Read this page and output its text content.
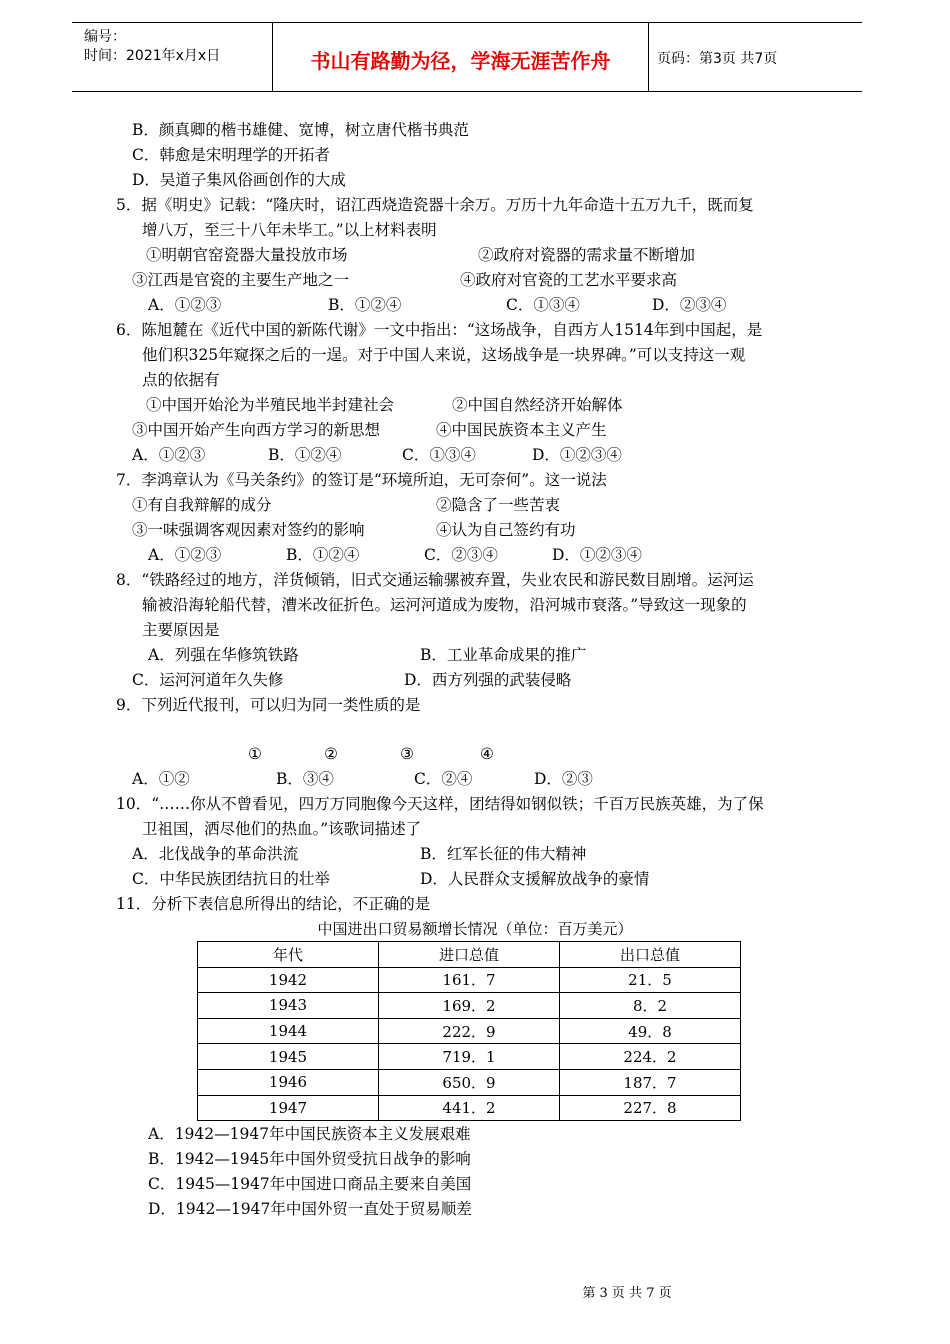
编号：
时间：2021年x月x日	书山有路勤为径，学海无涯苦作舟	页码：第3页 共7页
B．颜真卿的楷书雄健、宽博，树立唐代楷书典范
C．韩愈是宋明理学的开拓者
D．吴道子集风俗画创作的大成
5．据《明史》记载：“隆庆时，诏江西烧造瓷器十余万。万历十九年命造十五万九千，既而复
增八万，至三十八年未毕工。”以上材料表明
①明朝官窑瓷器大量投放市场	②政府对瓷器的需求量不断增加
③江西是官瓷的主要生产地之一	④政府对官瓷的工艺水平要求高
A．①②③	B．①②④	C．①③④	D．②③④
6．陈旭麓在《近代中国的新陈代谢》一文中指出：“这场战争，自西方人1514年到中国起，是
他们积325年窥探之后的一逞。对于中国人来说，这场战争是一块界碑。”可以支持这一观
点的依据有
①中国开始沦为半殖民地半封建社会	②中国自然经济开始解体
③中国开始产生向西方学习的新思想	④中国民族资本主义产生
A．①②③	B．①②④	C．①③④	D．①②③④
7．李鸿章认为《马关条约》的签订是“环境所迫，无可奈何”。这一说法
①有自我辩解的成分	②隐含了一些苦衷
③一味强调客观因素对签约的影响	④认为自己签约有功
A．①②③	B．①②④	C．②③④	D．①②③④
8．“铁路经过的地方，洋货倾销，旧式交通运输骡被弃置，失业农民和游民数目剧增。运河运
输被沿海轮船代替，漕米改征折色。运河河道成为废物，沿河城市衰落。”导致这一现象的
主要原因是
A．列强在华修筑铁路	B．工业革命成果的推广
C．运河河道年久失修	D．西方列强的武装侵略
9．下列近代报刊，可以归为同一类性质的是
①	②	③	④
A．①②	B．③④	C．②④	D．②③
10．“……你从不曾看见，四万万同胞像今天这样，团结得如钢似铁；千百万民族英雄，为了保
卫祖国，洒尽他们的热血。”该歌词描述了
A．北伐战争的革命洪流	B．红军长征的伟大精神
C．中华民族团结抗日的壮举	D．人民群众支援解放战争的豪情
11．分析下表信息所得出的结论，不正确的是
中国进出口贸易额增长情况（单位：百万美元）
年代	进口总值	出口总值
1942	161．7	21．5
1943	169．2	8．2
1944	222．9	49．8
1945	719．1	224．2
1946	650．9	187．7
1947	441．2	227．8
A．1942—1947年中国民族资本主义发展艰难
B．1942—1945年中国外贸受抗日战争的影响
C．1945—1947年中国进口商品主要来自美国
D．1942—1947年中国外贸一直处于贸易顺差
第 3 页 共 7 页
